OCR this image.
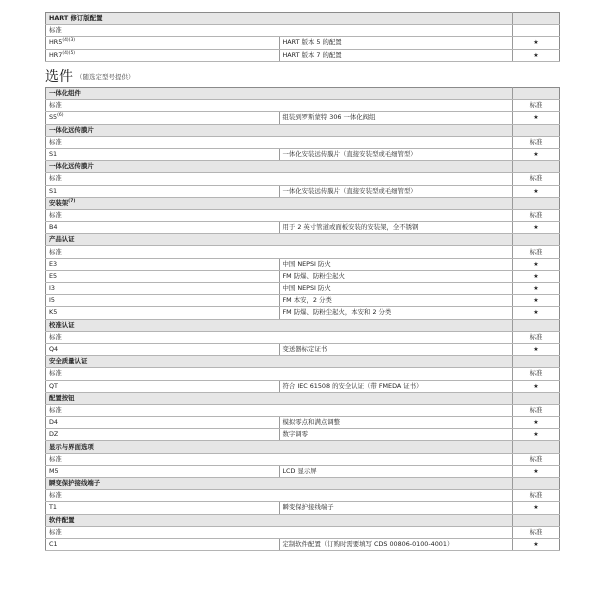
HART 修订版配置		
标准		
$HR5^{(4)(3)}$	HART 版本 5 的配置	★
$HR7^{(4)(5)}$	HART 版本 7 的配置	★
选件 $^{(随选定型号提供)}$
一体化组件		
标准		标准
S5$^{(6)}$	组装到罗斯蒙特 306 一体化阀组	★
一体化远传膜片		
标准		标准
S1	一体化安装远传膜片（直接安装型或毛细管型）	★
一体化远传膜片		
标准		标准
S1	一体化安装远传膜片（直接安装型或毛细管型）	★
安装架$^{(7)}$	
标准		标准
B4	用于 2 英寸管道或面板安装的安装架，全不锈钢	★
产品认证		
标准		标准
E3	中国 NEPSI 防火	★
E5	FM 防爆、防粉尘起火	★
I3	中国 NEPSI 防火	★
I5	FM 本安，2 分类	★
K5	FM 防爆、防粉尘起火，本安和 2 分类	★
校准认证		
标准		标准
Q4	变送器标定证书	★
安全质量认证		
标准		标准
QT	符合 IEC 61508 的安全认证（带 FMEDA 证书）	★
配置按钮		
标准		标准
D4	模拟零点和满点调整	★
DZ	数字调零	★
显示与界面选项		
标准		标准
M5	LCD 显示屏	★
瞬变保护接线端子		
标准		标准
T1	瞬变保护接线端子	★
软件配置		
标准		标准
C1	定制软件配置（订购时需要填写 CDS 00806-0100-4001）	★
